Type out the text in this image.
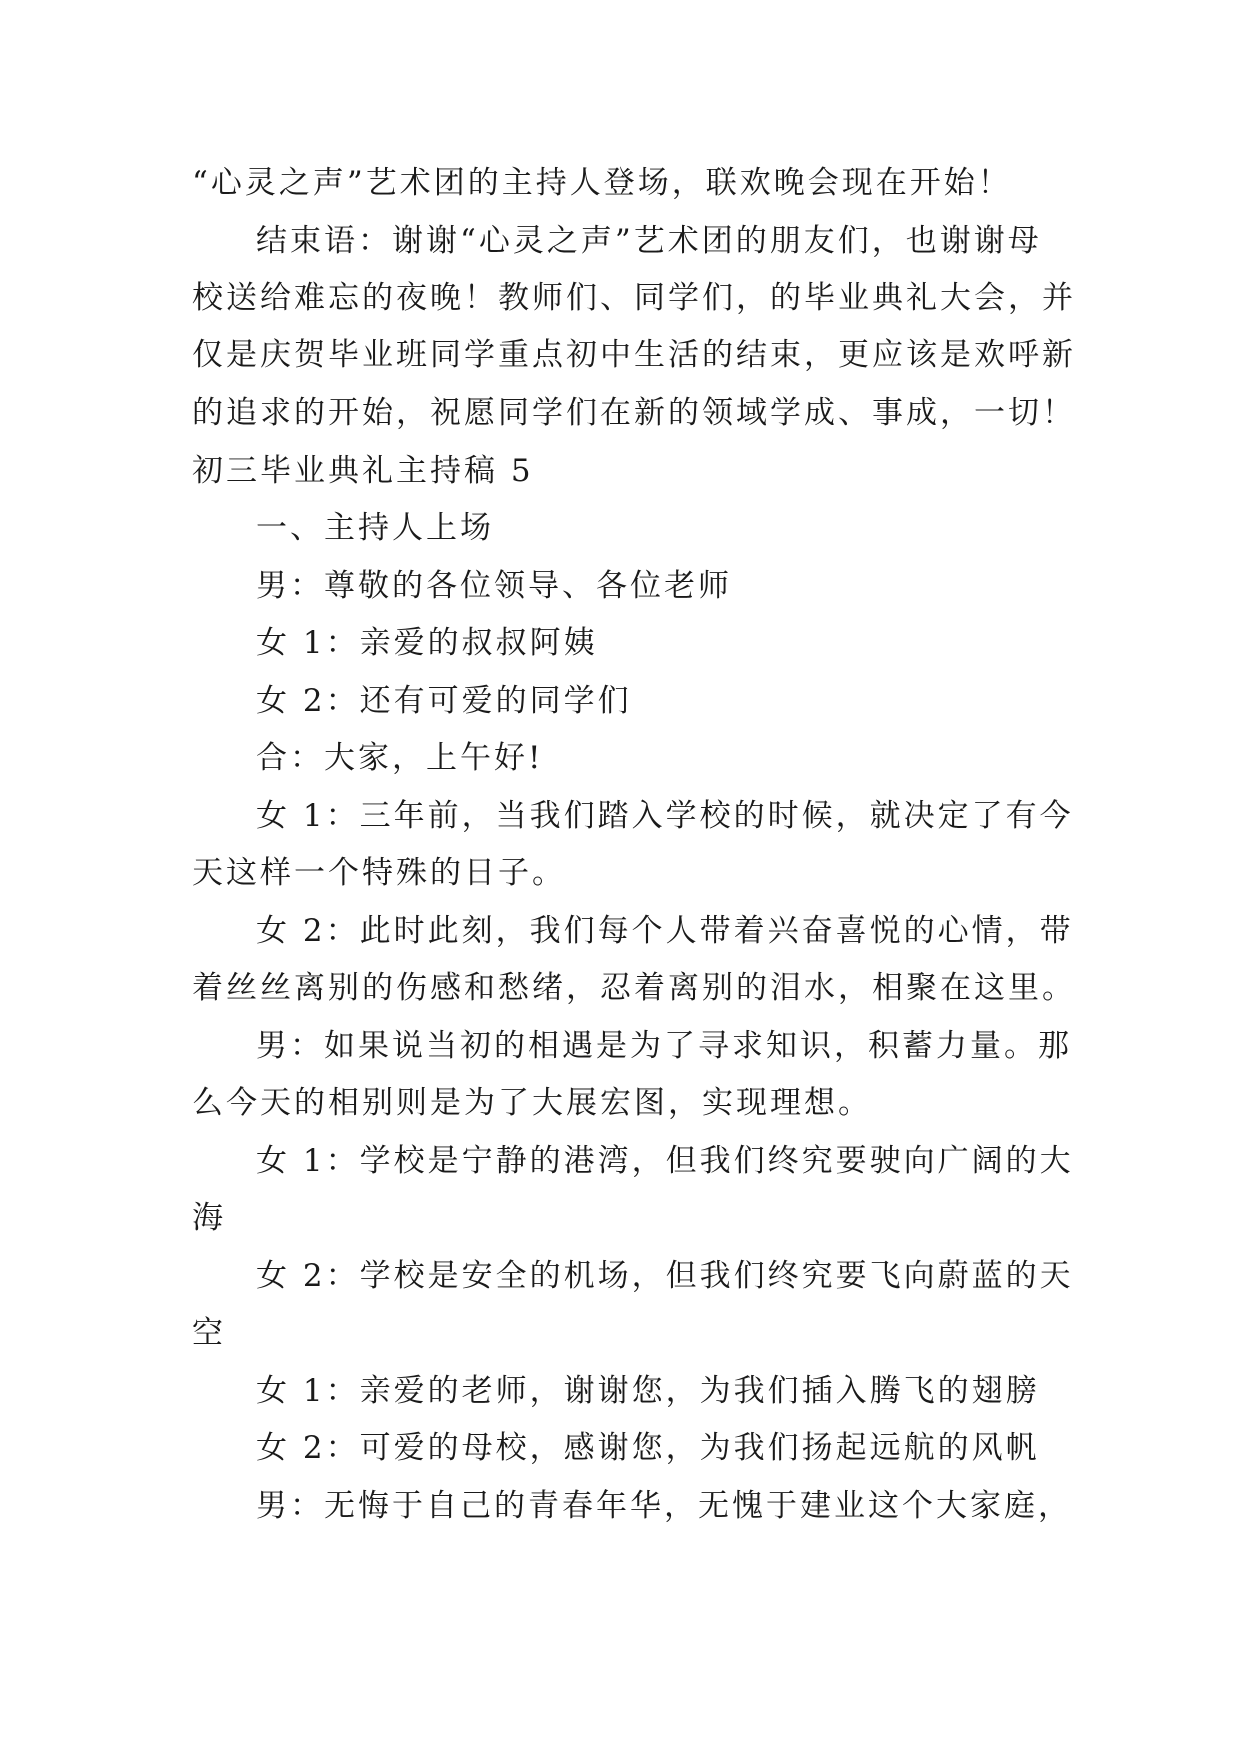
“心灵之声”艺术团的主持人登场，联欢晚会现在开始！
结束语：谢谢“心灵之声”艺术团的朋友们，也谢谢母
校送给难忘的夜晚！教师们、同学们，的毕业典礼大会，并
仅是庆贺毕业班同学重点初中生活的结束，更应该是欢呼新
的追求的开始，祝愿同学们在新的领域学成、事成，一切！
初三毕业典礼主持稿 5
一、主持人上场
男：尊敬的各位领导、各位老师
女 1：亲爱的叔叔阿姨
女 2：还有可爱的同学们
合：大家，上午好!
女 1：三年前，当我们踏入学校的时候，就决定了有今
天这样一个特殊的日子。
女 2：此时此刻，我们每个人带着兴奋喜悦的心情，带
着丝丝离别的伤感和愁绪，忍着离别的泪水，相聚在这里。
男：如果说当初的相遇是为了寻求知识，积蓄力量。那
么今天的相别则是为了大展宏图，实现理想。
女 1：学校是宁静的港湾，但我们终究要驶向广阔的大
海
女 2：学校是安全的机场，但我们终究要飞向蔚蓝的天
空
女 1：亲爱的老师，谢谢您，为我们插入腾飞的翅膀
女 2：可爱的母校，感谢您，为我们扬起远航的风帆
男：无悔于自己的青春年华，无愧于建业这个大家庭，
